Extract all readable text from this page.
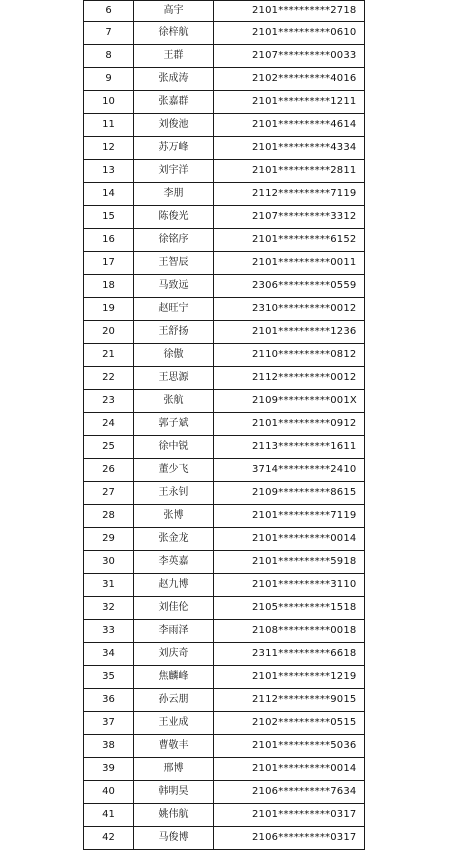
6	高宇	2101**********2718
7	徐梓航	2101**********0610
8	王群	2107**********0033
9	张成涛	2102**********4016
10	张嘉群	2101**********1211
11	刘俊池	2101**********4614
12	苏万峰	2101**********4334
13	刘宇洋	2101**********2811
14	李朋	2112**********7119
15	陈俊光	2107**********3312
16	徐铭序	2101**********6152
17	王智辰	2101**********0011
18	马致远	2306**********0559
19	赵旺宁	2310**********0012
20	王舒扬	2101**********1236
21	徐傲	2110**********0812
22	王思源	2112**********0012
23	张航	2109**********001X
24	郭子斌	2101**********0912
25	徐中锐	2113**********1611
26	董少飞	3714**********2410
27	王永钊	2109**********8615
28	张博	2101**********7119
29	张金龙	2101**********0014
30	李英嘉	2101**********5918
31	赵九博	2101**********3110
32	刘佳伦	2105**********1518
33	李雨泽	2108**********0018
34	刘庆奇	2311**********6618
35	焦麟峰	2101**********1219
36	孙云朋	2112**********9015
37	王业成	2102**********0515
38	曹敬丰	2101**********5036
39	邢博	2101**********0014
40	韩明昊	2106**********7634
41	姚伟航	2101**********0317
42	马俊博	2106**********0317
